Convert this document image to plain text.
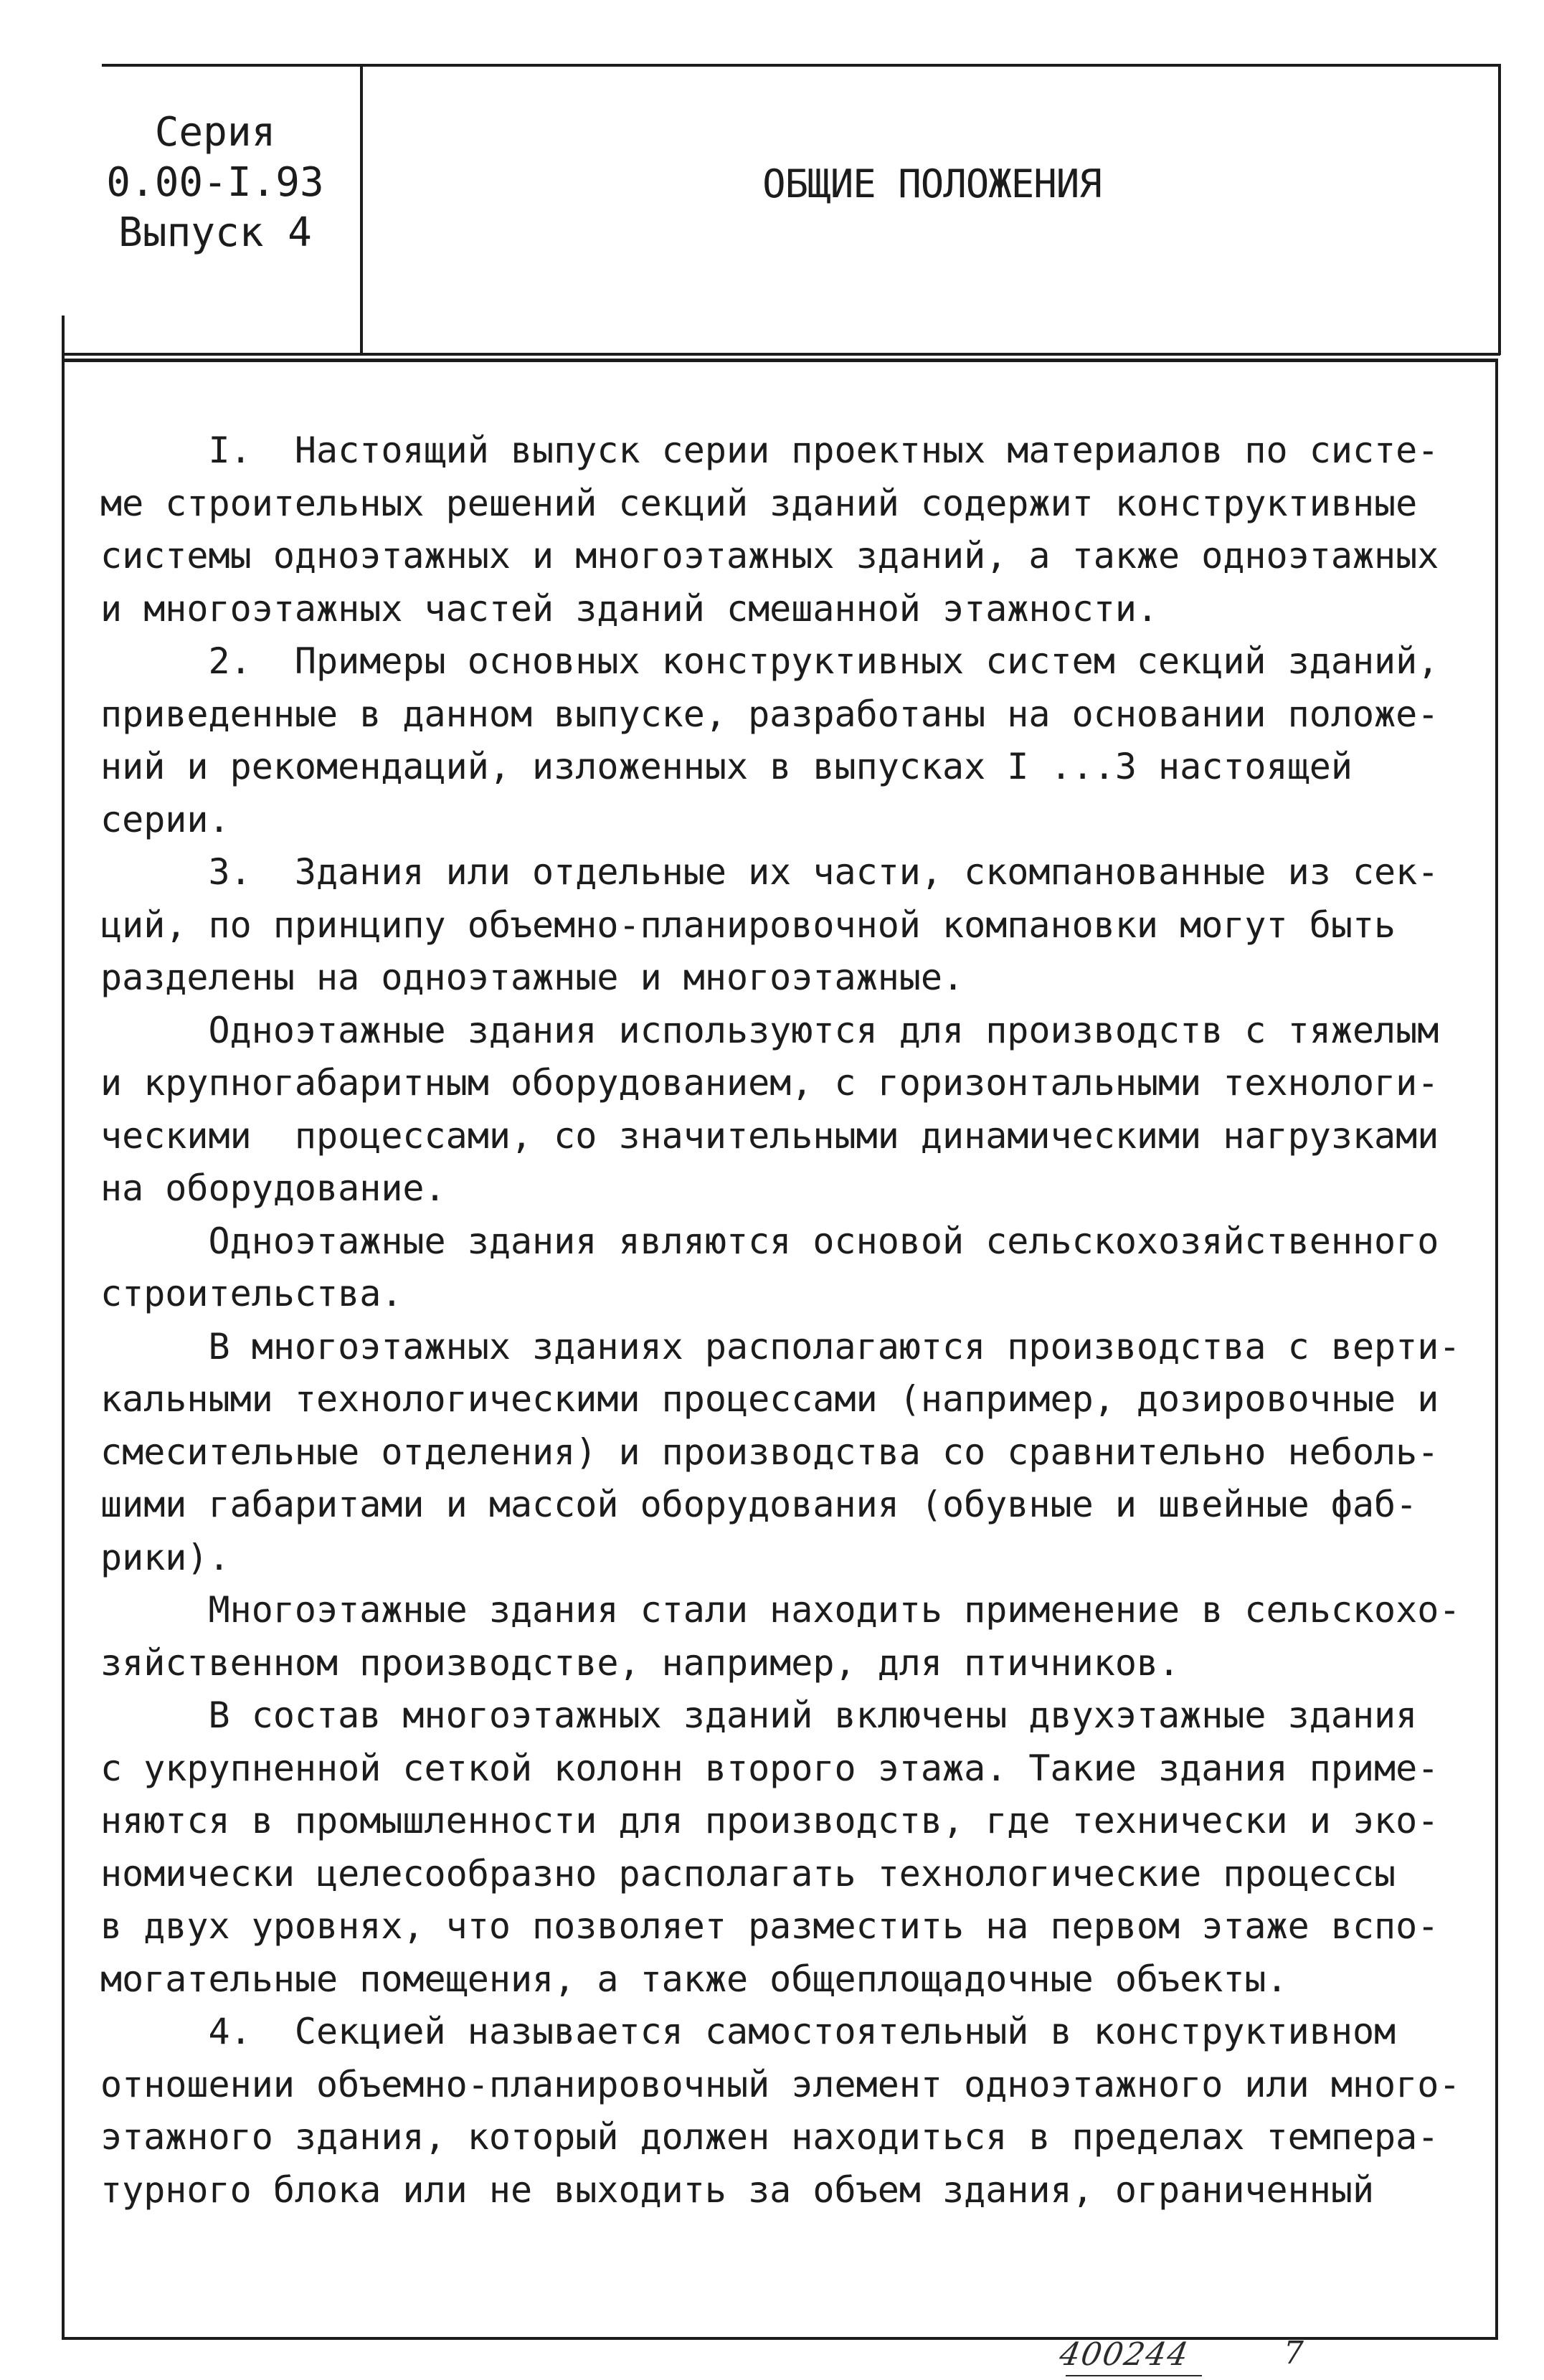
Серия
0.00-I.93
Выпуск 4
ОБЩИЕ ПОЛОЖЕНИЯ
I.  Настоящий выпуск серии проектных материалов по систе-
ме строительных решений секций зданий содержит конструктивные
системы одноэтажных и многоэтажных зданий, а также одноэтажных
и многоэтажных частей зданий смешанной этажности.
2.  Примеры основных конструктивных систем секций зданий,
приведенные в данном выпуске, разработаны на основании положе-
ний и рекомендаций, изложенных в выпусках I ...3 настоящей
серии.
3.  Здания или отдельные их части, скомпанованные из сек-
ций, по принципу объемно-планировочной компановки могут быть
разделены на одноэтажные и многоэтажные.
Одноэтажные здания используются для производств с тяжелым
и крупногабаритным оборудованием, с горизонтальными технологи-
ческими  процессами, со значительными динамическими нагрузками
на оборудование.
Одноэтажные здания являются основой сельскохозяйственного
строительства.
В многоэтажных зданиях располагаются производства с верти-
кальными технологическими процессами (например, дозировочные и
смесительные отделения) и производства со сравнительно неболь-
шими габаритами и массой оборудования (обувные и швейные фаб-
рики).
Многоэтажные здания стали находить применение в сельскохо-
зяйственном производстве, например, для птичников.
В состав многоэтажных зданий включены двухэтажные здания
с укрупненной сеткой колонн второго этажа. Такие здания приме-
няются в промышленности для производств, где технически и эко-
номически целесообразно располагать технологические процессы
в двух уровнях, что позволяет разместить на первом этаже вспо-
могательные помещения, а также общеплощадочные объекты.
4.  Секцией называется самостоятельный в конструктивном
отношении объемно-планировочный элемент одноэтажного или много-
этажного здания, который должен находиться в пределах темпера-
турного блока или не выходить за объем здания, ограниченный
400244	7
